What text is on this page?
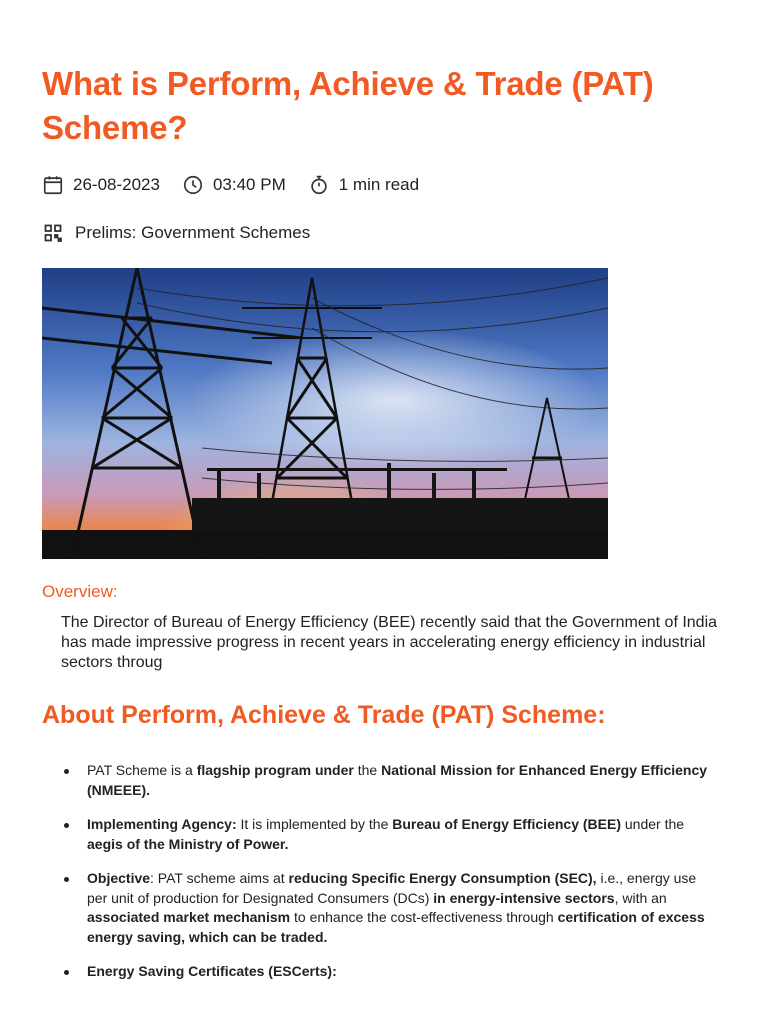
What is Perform, Achieve & Trade (PAT) Scheme?
26-08-2023	03:40 PM	1 min read
Prelims: Government Schemes
Overview:
The Director of Bureau of Energy Efficiency (BEE) recently said that the Government of India has made impressive progress in recent years in accelerating energy efficiency in industrial sectors throug
About Perform, Achieve & Trade (PAT) Scheme:
PAT Scheme is a flagship program under the National Mission for Enhanced Energy Efficiency (NMEEE).
Implementing Agency: It is implemented by the Bureau of Energy Efficiency (BEE) under the aegis of the Ministry of Power.
Objective: PAT scheme aims at reducing Specific Energy Consumption (SEC), i.e., energy use per unit of production for Designated Consumers (DCs) in energy-intensive sectors, with an associated market mechanism to enhance the cost-effectiveness through certification of excess energy saving, which can be traded.
Energy Saving Certificates (ESCerts):
